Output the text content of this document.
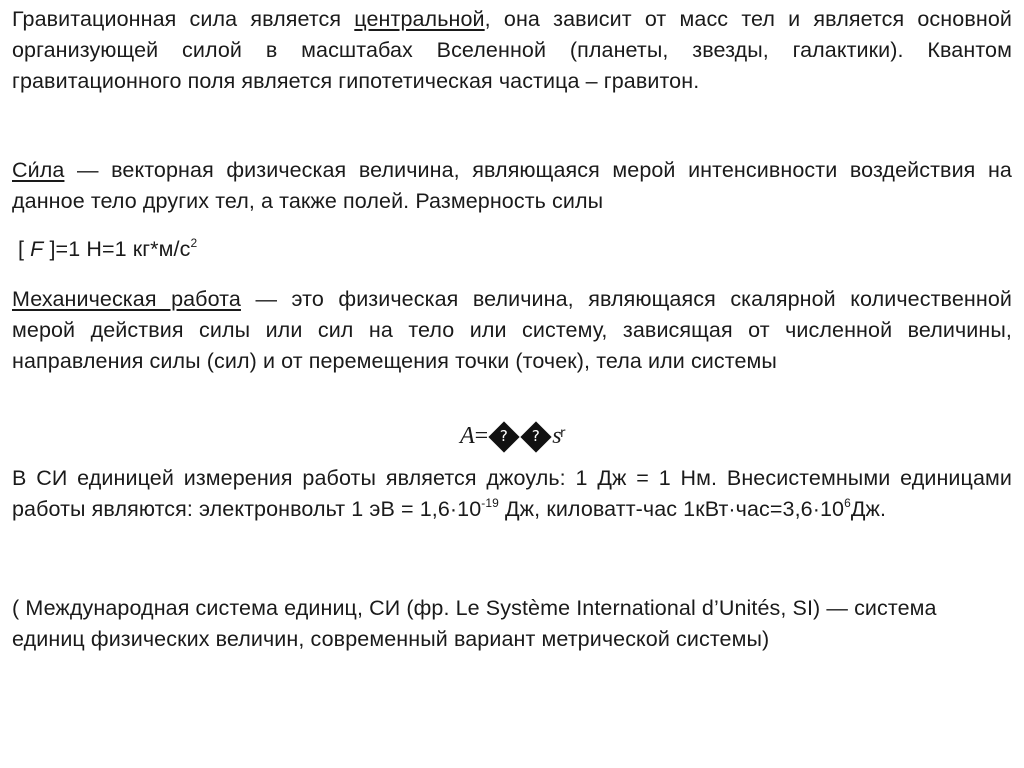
Гравитационная сила является центральной, она зависит от масс тел и является основной организующей силой в масштабах Вселенной (планеты, звезды, галактики). Квантом гравитационного поля является гипотетическая частица – гравитон.

Си́ла — векторная физическая величина, являющаяся мерой интенсивности воздействия на данное тело других тел, а также полей. Размерность силы

[ F ]=1 Н=1 $кг*м/с^2$

Механическая работа — это физическая величина, являющаяся скалярной количественной мерой действия силы или сил на тело или систему, зависящая от численной величины, направления силы (сил) и от перемещения точки (точек), тела или системы

A= ? ? s
r

В СИ единицей измерения работы является джоуль: 1 Дж = 1 Нм. Внесистемными единицами работы являются: электронвольт 1 эВ = $1,6\cdot 10^{-19}$ Дж, киловатт-час $1кВт\cdot час=3,6\cdot 10^6Дж$.

( Международная система единиц, СИ (фр. Le Système International d’Unités, SI) — система единиц физических величин, современный вариант метрической системы)
